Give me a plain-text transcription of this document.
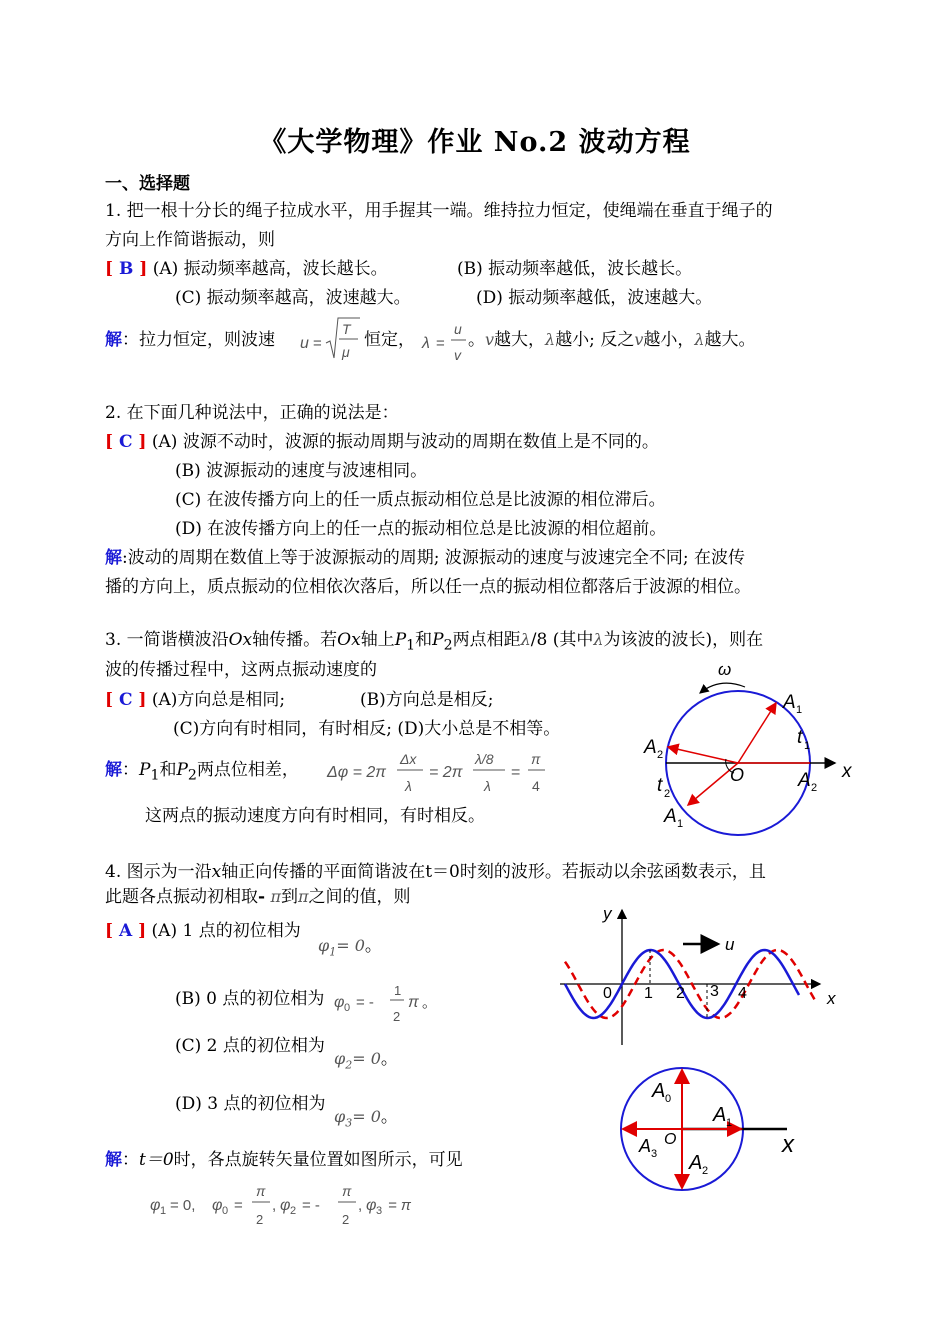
《大学物理》作业 No.2 波动方程
一、选择题
1. 把一根十分长的绳子拉成水平，用手握其一端。维持拉力恒定，使绳端在垂直于绳子的
方向上作简谐振动，则
[ B ] (A) 振动频率越高，波长越长。	(B) 振动频率越低，波长越长。
(C) 振动频率越高，波速越大。	(D) 振动频率越低，波速越大。
解：拉力恒定，则波速 u =
T
μ
恒定， λ =
u
v
。v越大，λ越小; 反之v越小，λ越大。
2. 在下面几种说法中，正确的说法是：
[ C ] (A) 波源不动时，波源的振动周期与波动的周期在数值上是不同的。
(B) 波源振动的速度与波速相同。
(C) 在波传播方向上的任一质点振动相位总是比波源的相位滞后。
(D) 在波传播方向上的任一点的振动相位总是比波源的相位超前。
解:波动的周期在数值上等于波源振动的周期; 波源振动的速度与波速完全不同; 在波传
播的方向上，质点振动的位相依次落后，所以任一点的振动相位都落后于波源的相位。
3. 一简谐横波沿Ox轴传播。若Ox轴上$P_1$和$P_2$两点相距λ/8 (其中λ为该波的波长)，则在
波的传播过程中，这两点振动速度的
[ C ] (A)方向总是相同;	(B)方向总是相反;
(C)方向有时相同，有时相反; (D)大小总是不相等。
解：$P_1$和$P_2$两点位相差， Δφ = 2π
Δx
λ
= 2π
λ/8
λ
=
π
4
这两点的振动速度方向有时相同，有时相反。
ω
A 1
A 2
t 1
O	A 2
x
t 2
A 1
4. 图示为一沿x轴正向传播的平面简谐波在t＝0时刻的波形。若振动以余弦函数表示，且
此题各点振动初相取- π到π之间的值，则
[ A ] (A) 1 点的初位相为
$\varphi_1= 0$。
(B) 0 点的初位相为 φ 0 = -
1
2
π 。
(C) 2 点的初位相为
$\varphi_2= 0$。
(D) 3 点的初位相为
$\varphi_3= 0$。
解：t＝0时，各点旋转矢量位置如图所示，可见
φ 1 = 0, φ 0 =
π
2
, φ 2 = -
π
2
, φ 3 = π
y
x
u
0 1 2 3 4
A 0
A 1
O
A 3 A 2
x
